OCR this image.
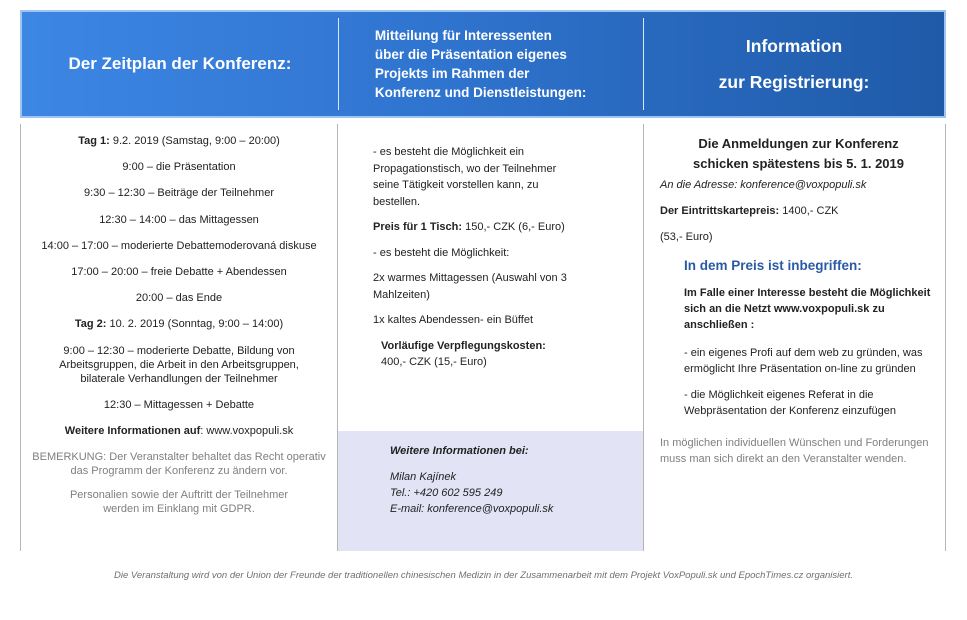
Der Zeitplan der Konferenz:
Mitteilung für Interessenten
über die Präsentation eigenes
Projekts im Rahmen der
Konferenz und Dienstleistungen:
Information
zur Registrierung:

Tag 1: 9.2. 2019 (Samstag, 9:00 – 20:00)

9:00 – die Präsentation

9:30 – 12:30 – Beiträge der Teilnehmer

12:30 – 14:00 – das Mittagessen

14:00 – 17:00 – moderierte Debattemoderovaná diskuse

17:00 – 20:00 – freie Debatte + Abendessen

20:00 – das Ende

Tag 2: 10. 2. 2019 (Sonntag, 9:00 – 14:00)

9:00 – 12:30 – moderierte Debatte, Bildung von Arbeitsgruppen, die Arbeit in den Arbeitsgruppen, bilaterale Verhandlungen der Teilnehmer

12:30 – Mittagessen + Debatte

Weitere Informationen auf: www.voxpopuli.sk

BEMERKUNG: Der Veranstalter behaltet das Recht operativ das Programm der Konferenz zu ändern vor.

Personalien sowie der Auftritt der Teilnehmer werden im Einklang mit GDPR.

- es besteht die Möglichkeit ein Propagationstisch, wo der Teilnehmer seine Tätigkeit vorstellen kann, zu bestellen.

Preis für 1 Tisch: 150,- CZK (6,- Euro)

- es besteht die Möglichkeit:

2x warmes Mittagessen (Auswahl von 3 Mahlzeiten)

1x kaltes Abendessen- ein Büffet

Vorläufige Verpflegungskosten:
400,- CZK (15,- Euro)
Weitere Informationen bei:
Milan Kajínek
Tel.: +420 602 595 249
E-mail: konference@voxpopuli.sk
Die Anmeldungen zur Konferenz
schicken spätestens bis 5. 1. 2019
An die Adresse: konference@voxpopuli.sk
Der Eintrittskartepreis: 1400,- CZK
(53,- Euro)
In dem Preis ist inbegriffen:
Im Falle einer Interesse besteht die Möglichkeit sich an die Netzt www.voxpopuli.sk zu anschließen :
- ein eigenes Profi auf dem web zu gründen, was ermöglicht Ihre Präsentation on-line zu gründen
- die Möglichkeit eigenes Referat in die Webpräsentation der Konferenz einzufügen
In möglichen individuellen Wünschen und Forderungen muss man sich direkt an den Veranstalter wenden.
Die Veranstaltung wird von der Union der Freunde der traditionellen chinesischen Medizin in der Zusammenarbeit mit dem Projekt VoxPopuli.sk und EpochTimes.cz organisiert.
